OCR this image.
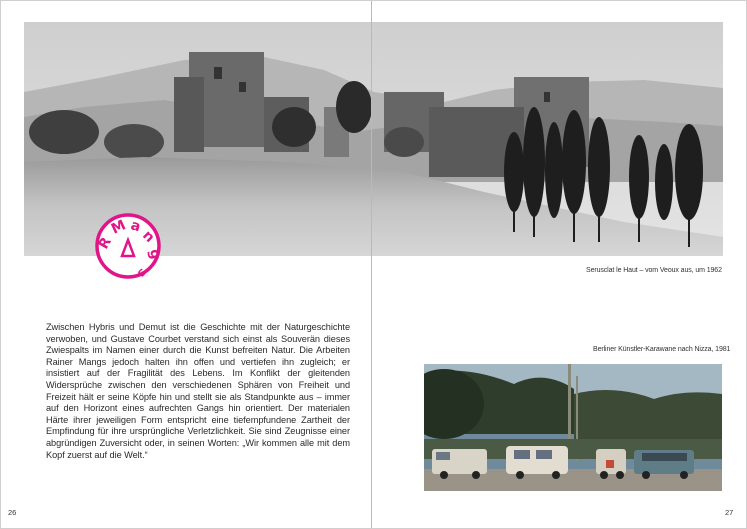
R
M a
n
g
s	Serusclat le Haut – vom Veoux aus, um 1962
Berliner Künstler-Karawane nach Nizza, 1981
Zwischen Hybris und Demut ist die Geschichte mit der Naturgeschichte verwoben, und Gustave Courbet verstand sich einst als Souverän dieses Zwiespalts im Namen einer durch die Kunst befreiten Natur. Die Arbeiten Rainer Mangs jedoch halten ihn offen und vertiefen ihn zugleich; er insistiert auf der Fragilität des Lebens. Im Konflikt der gleitenden Widersprüche zwischen den verschiedenen Sphären von Freiheit und Freizeit hält er seine Köpfe hin und stellt sie als Standpunkte aus – immer auf den Horizont eines aufrechten Gangs hin orientiert. Der materialen Härte ihrer jeweiligen Form entspricht eine tiefempfundene Zartheit der Empfindung für ihre ursprüngliche Verletzlichkeit. Sie sind Zeugnisse einer abgründigen Zuversicht oder, in seinen Worten: „Wir kommen alle mit dem Kopf zuerst auf die Welt.“
26	27
